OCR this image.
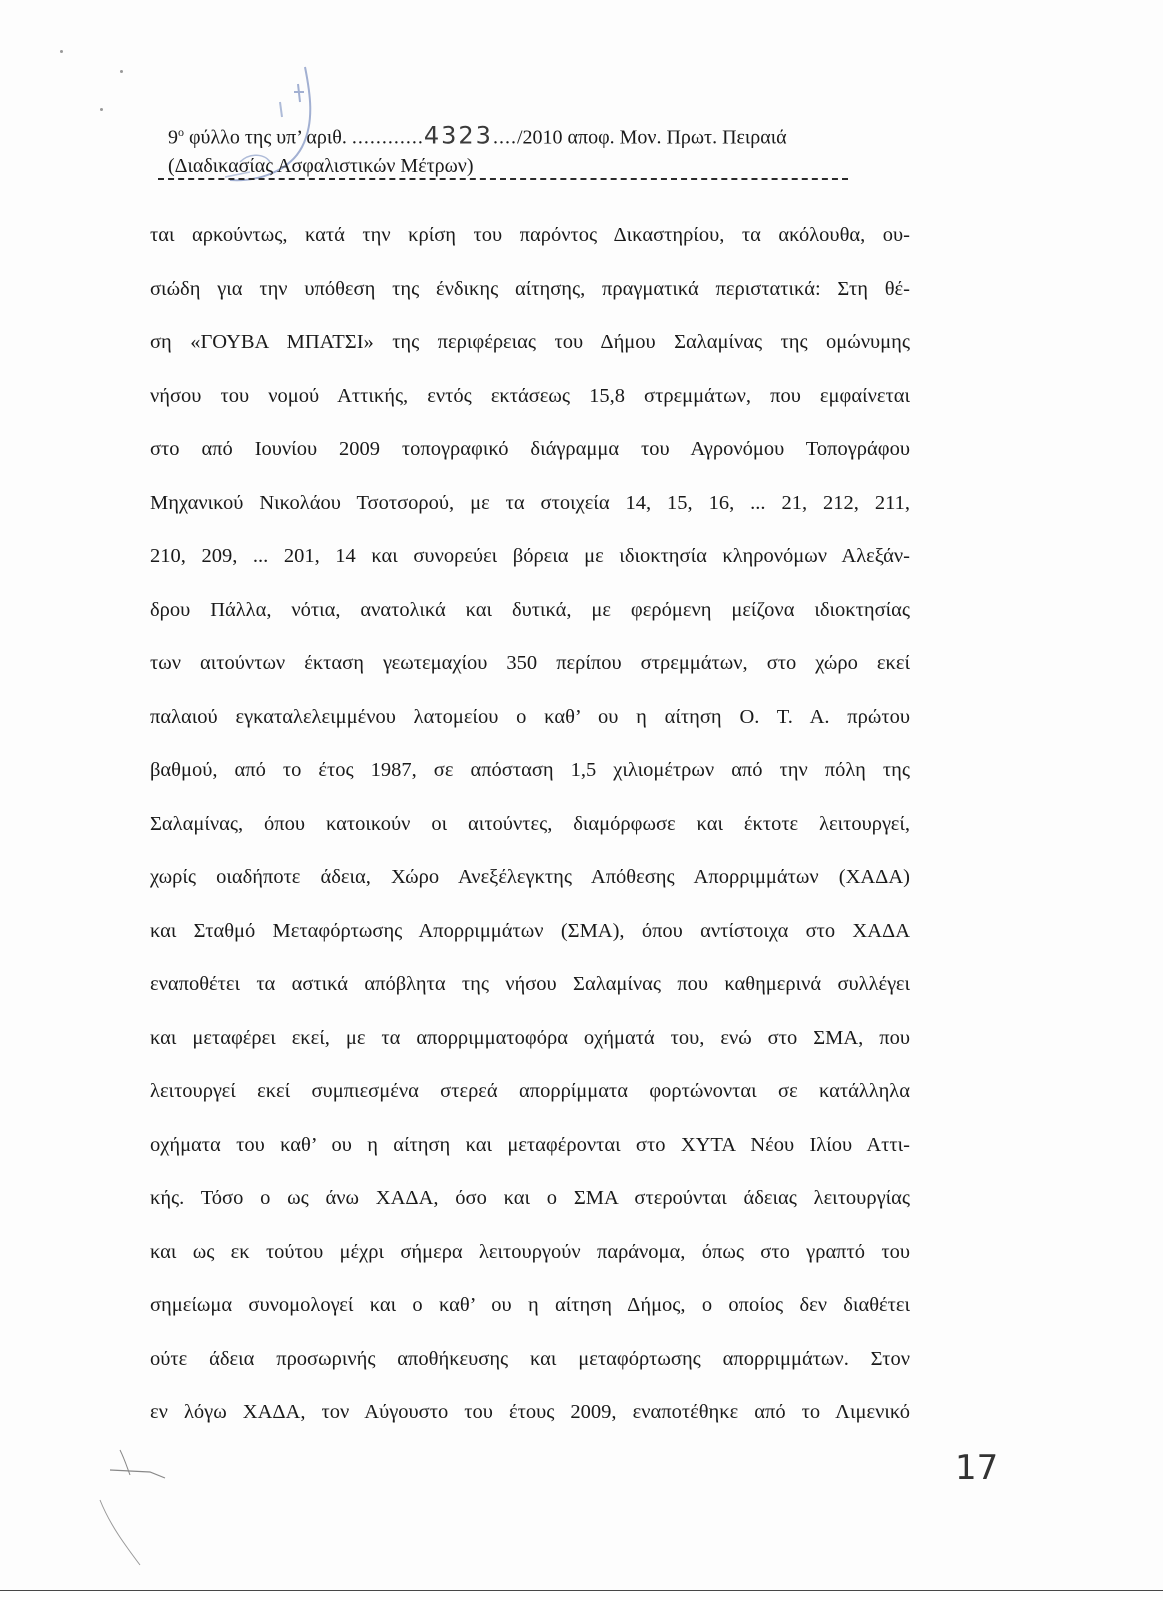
$9^o$ φύλλο της υπ’ αριθ. ............4323..../2010 αποφ. Μον. Πρωτ. Πειραιά
(Διαδικασίας Ασφαλιστικών Μέτρων)
ται αρκούντως, κατά την κρίση του παρόντος Δικαστηρίου, τα ακόλουθα, ου-
σιώδη για την υπόθεση της ένδικης αίτησης, πραγματικά περιστατικά: Στη θέ-
ση «ΓΟΥΒΑ ΜΠΑΤΣΙ» της περιφέρειας του Δήμου Σαλαμίνας της ομώνυμης
νήσου του νομού Αττικής, εντός εκτάσεως 15,8 στρεμμάτων, που εμφαίνεται
στο από Ιουνίου 2009 τοπογραφικό διάγραμμα του Αγρονόμου Τοπογράφου
Μηχανικού Νικολάου Τσοτσορού, με τα στοιχεία 14, 15, 16, ... 21, 212, 211,
210, 209, ... 201, 14 και συνορεύει βόρεια με ιδιοκτησία κληρονόμων Αλεξάν-
δρου Πάλλα, νότια, ανατολικά και δυτικά, με φερόμενη μείζονα ιδιοκτησίας
των αιτούντων έκταση γεωτεμαχίου 350 περίπου στρεμμάτων, στο χώρο εκεί
παλαιού εγκαταλελειμμένου λατομείου ο καθ’ ου η αίτηση Ο. Τ. Α. πρώτου
βαθμού, από το έτος 1987, σε απόσταση 1,5 χιλιομέτρων από την πόλη της
Σαλαμίνας, όπου κατοικούν οι αιτούντες, διαμόρφωσε και έκτοτε λειτουργεί,
χωρίς οιαδήποτε άδεια, Χώρο Ανεξέλεγκτης Απόθεσης Απορριμμάτων (ΧΑΔΑ)
και Σταθμό Μεταφόρτωσης Απορριμμάτων (ΣΜΑ), όπου αντίστοιχα στο ΧΑΔΑ
εναποθέτει τα αστικά απόβλητα της νήσου Σαλαμίνας που καθημερινά συλλέγει
και μεταφέρει εκεί, με τα απορριμματοφόρα οχήματά του, ενώ στο ΣΜΑ, που
λειτουργεί εκεί συμπιεσμένα στερεά απορρίμματα φορτώνονται σε κατάλληλα
οχήματα του καθ’ ου η αίτηση και μεταφέρονται στο ΧΥΤΑ Νέου Ιλίου Αττι-
κής. Τόσο ο ως άνω ΧΑΔΑ, όσο και ο ΣΜΑ στερούνται άδειας λειτουργίας
και ως εκ τούτου μέχρι σήμερα λειτουργούν παράνομα, όπως στο γραπτό του
σημείωμα συνομολογεί και ο καθ’ ου η αίτηση Δήμος, ο οποίος δεν διαθέτει
ούτε άδεια προσωρινής αποθήκευσης και μεταφόρτωσης απορριμμάτων. Στον
εν λόγω ΧΑΔΑ, τον Αύγουστο του έτους 2009, εναποτέθηκε από το Λιμενικό
17
